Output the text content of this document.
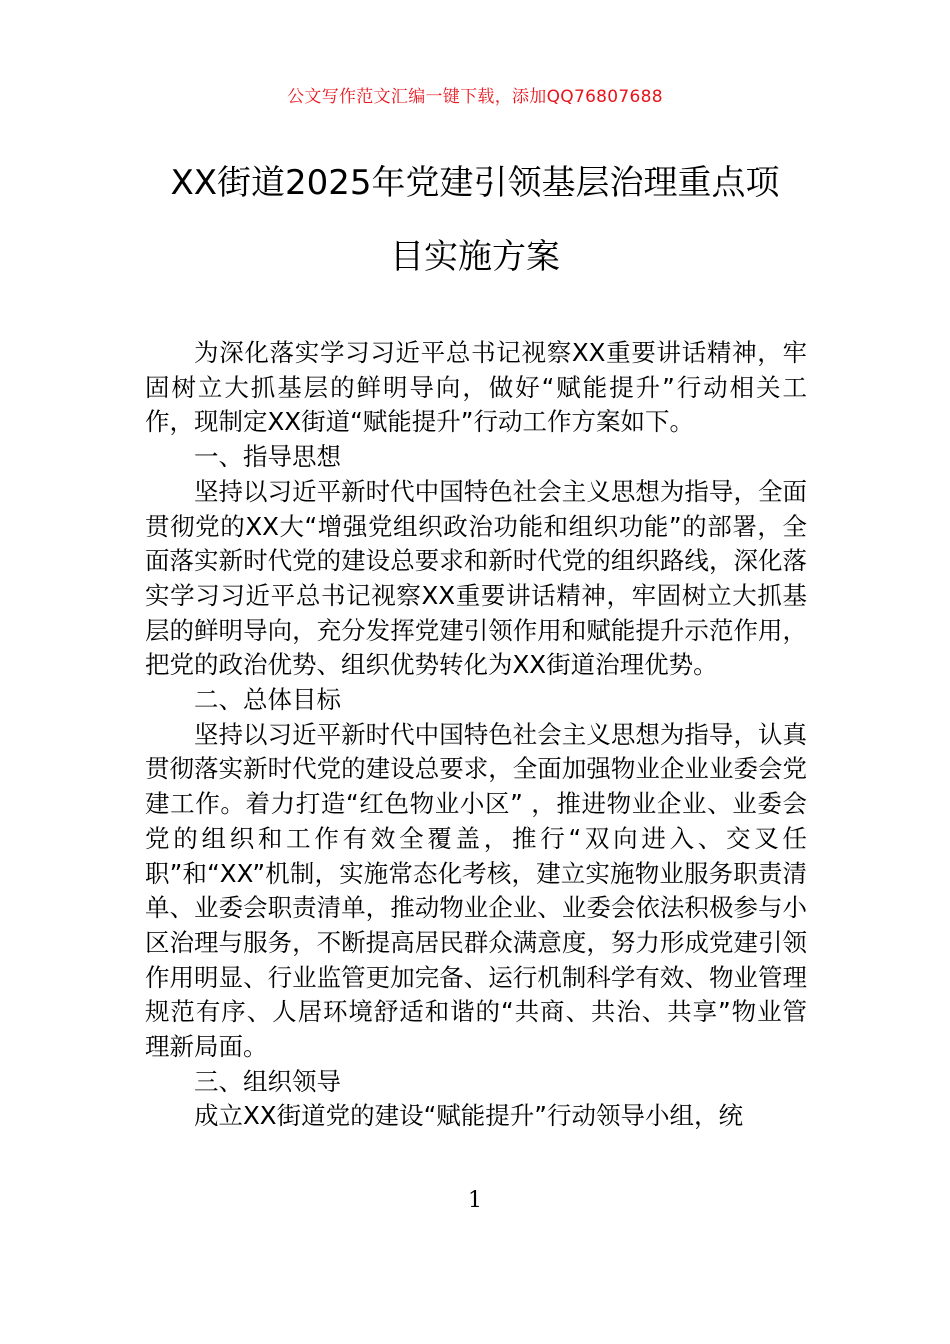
公文写作范文汇编一键下载，添加QQ76807688
XX街道2025年党建引领基层治理重点项
目实施方案

为深化落实学习习近平总书记视察XX重要讲话精神，牢固树立大抓基层的鲜明导向，做好“赋能提升”行动相关工作，现制定XX街道“赋能提升”行动工作方案如下。

一、指导思想

坚持以习近平新时代中国特色社会主义思想为指导，全面贯彻党的XX大“增强党组织政治功能和组织功能”的部署，全面落实新时代党的建设总要求和新时代党的组织路线，深化落实学习习近平总书记视察XX重要讲话精神，牢固树立大抓基层的鲜明导向，充分发挥党建引领作用和赋能提升示范作用，把党的政治优势、组织优势转化为XX街道治理优势。

二、总体目标

坚持以习近平新时代中国特色社会主义思想为指导，认真贯彻落实新时代党的建设总要求，全面加强物业企业业委会党建工作。着力打造“红色物业小区” ，推进物业企业、业委会党的组织和工作有效全覆盖，推行“双向进入、交叉任职”和“XX”机制，实施常态化考核，建立实施物业服务职责清单、业委会职责清单，推动物业企业、业委会依法积极参与小区治理与服务，不断提高居民群众满意度，努力形成党建引领作用明显、行业监管更加完备、运行机制科学有效、物业管理规范有序、人居环境舒适和谐的“共商、共治、共享”物业管理新局面。

三、组织领导

成立XX街道党的建设“赋能提升”行动领导小组，统

1
